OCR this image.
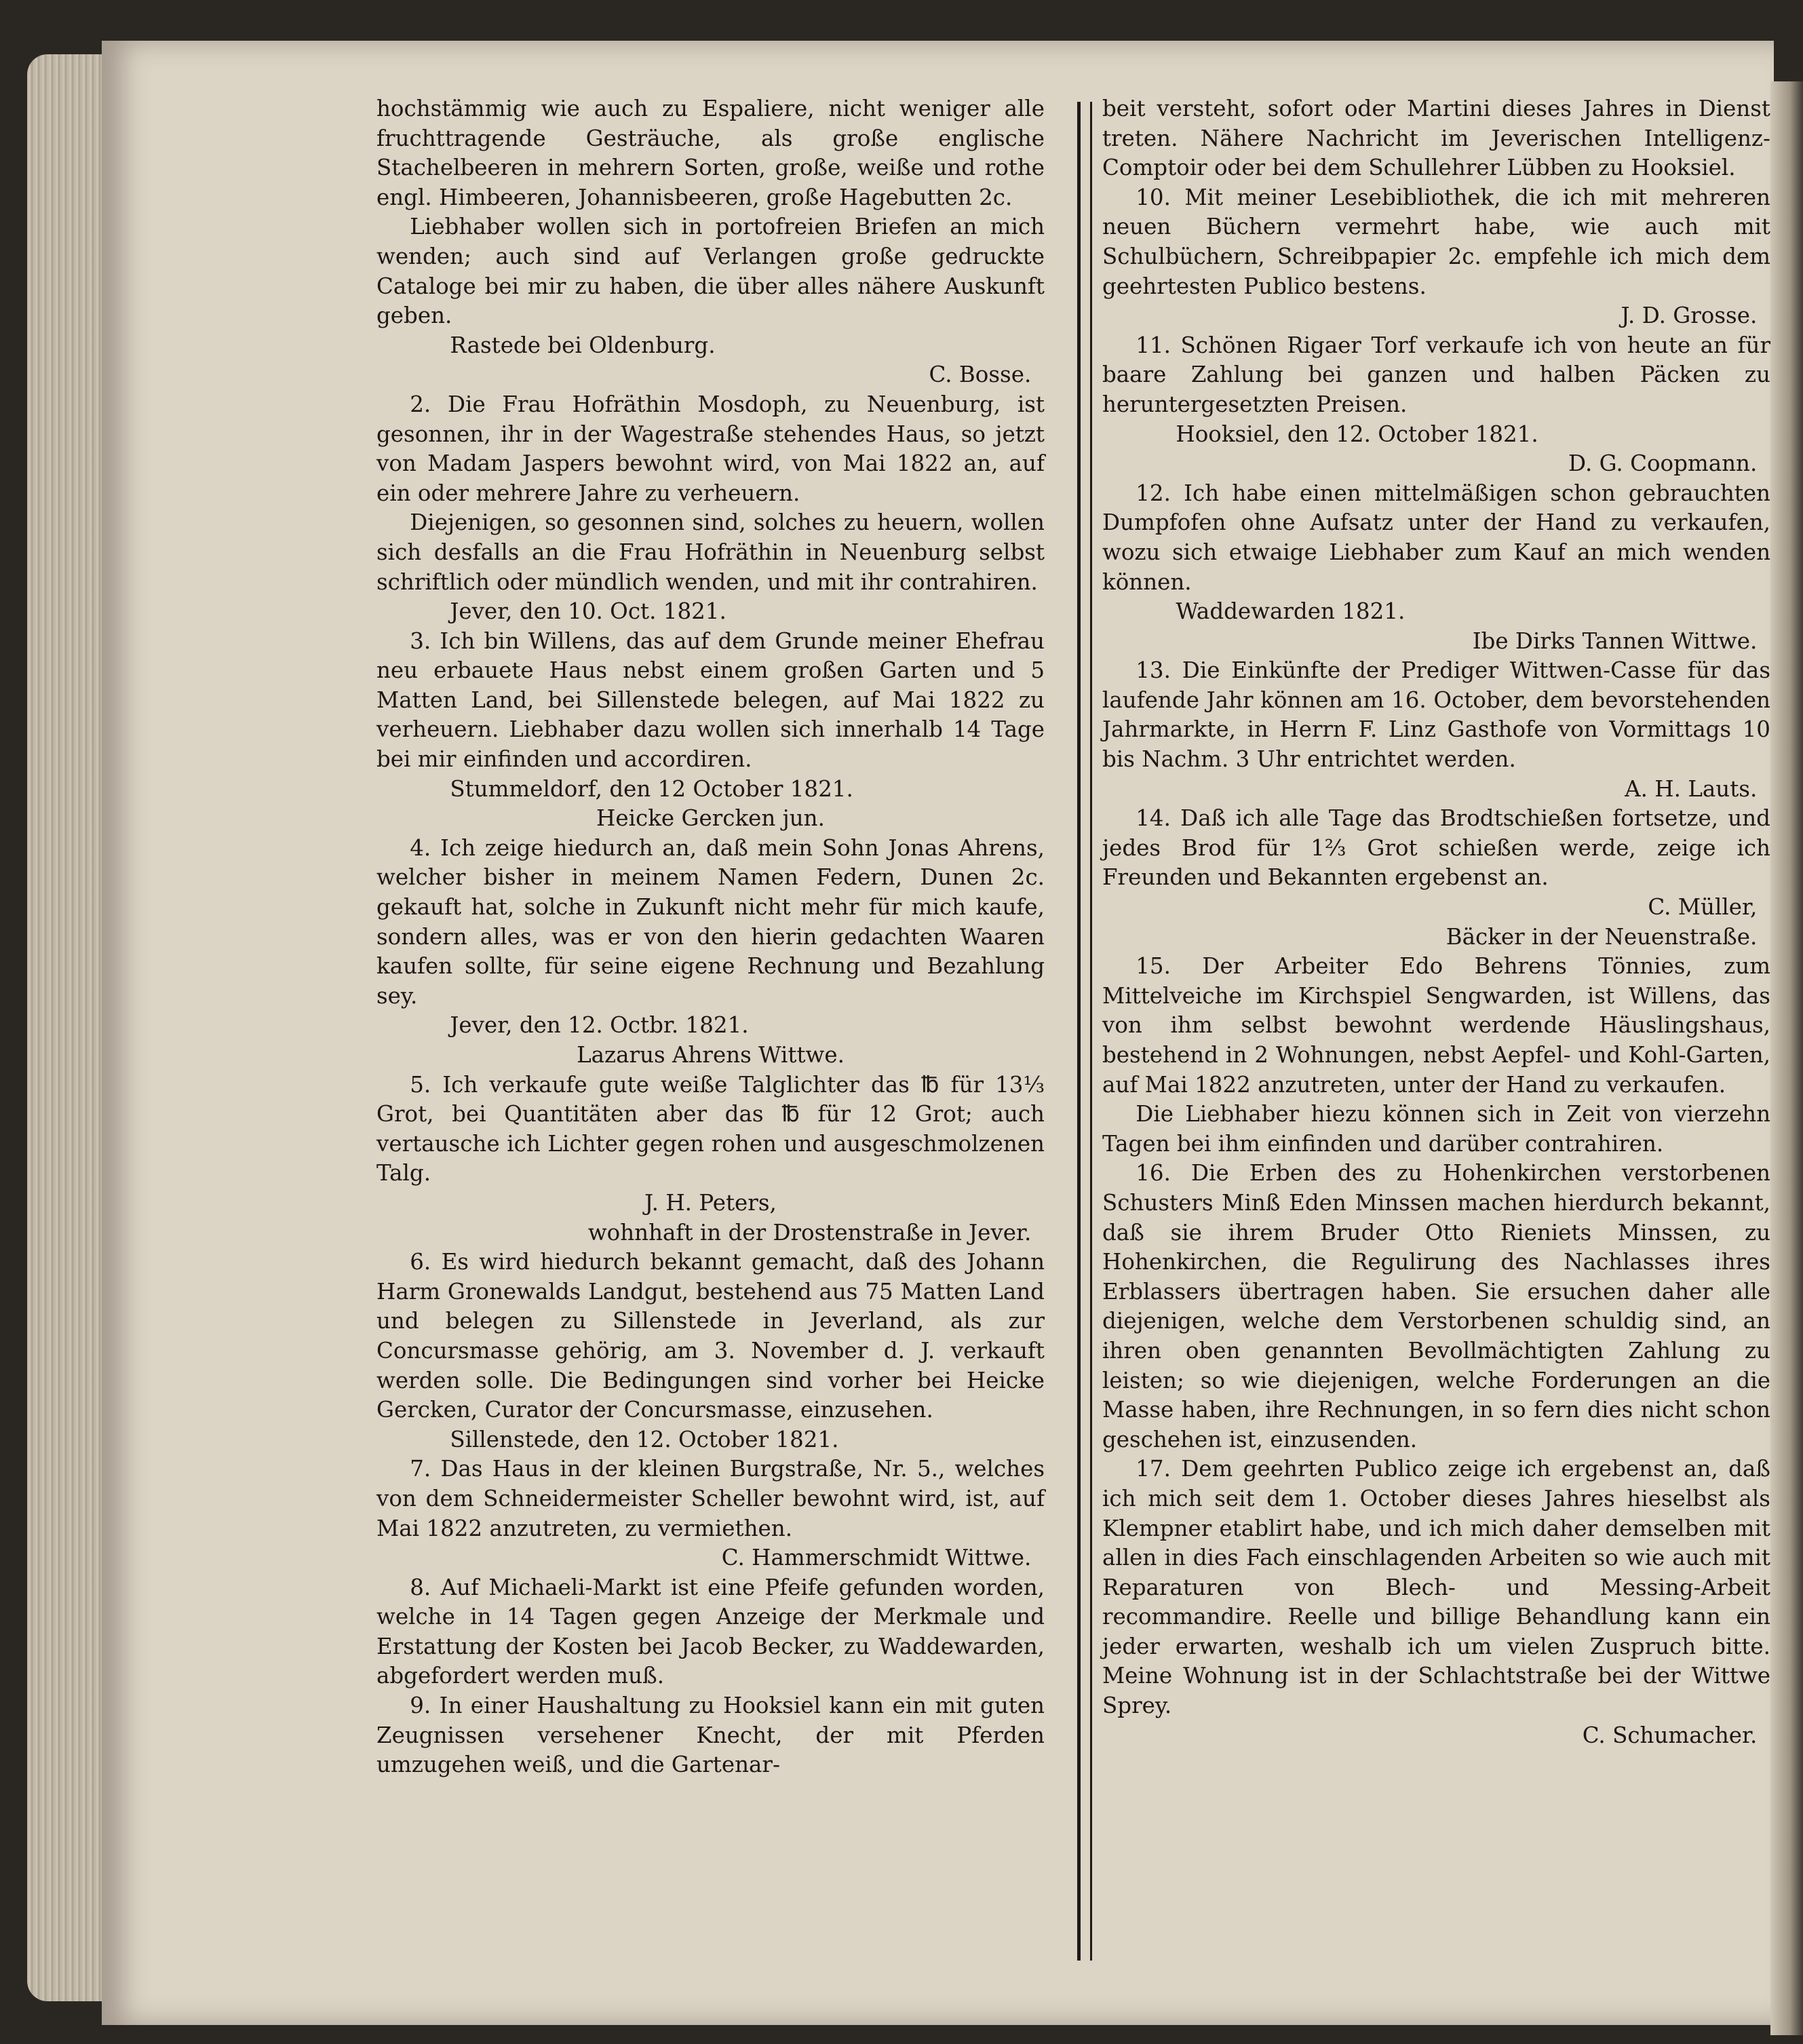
hochstämmig wie auch zu Espaliere, nicht weniger alle fruchttragende Gesträuche, als große englische Stachelbeeren in mehrern Sorten, große, weiße und rothe engl. Himbeeren, Johannisbeeren, große Hagebutten 2c.

Liebhaber wollen sich in portofreien Briefen an mich wenden; auch sind auf Verlangen große gedruckte Cataloge bei mir zu haben, die über alles nähere Auskunft geben.

Rastede bei Oldenburg.

C. Bosse.

2. Die Frau Hofräthin Mosdoph, zu Neuenburg, ist gesonnen, ihr in der Wagestraße stehendes Haus, so jetzt von Madam Jaspers bewohnt wird, von Mai 1822 an, auf ein oder mehrere Jahre zu verheuern.

Diejenigen, so gesonnen sind, solches zu heuern, wollen sich desfalls an die Frau Hofräthin in Neuenburg selbst schriftlich oder mündlich wenden, und mit ihr contrahiren.

Jever, den 10. Oct. 1821.

3. Ich bin Willens, das auf dem Grunde meiner Ehefrau neu erbauete Haus nebst einem großen Garten und 5 Matten Land, bei Sillenstede belegen, auf Mai 1822 zu verheuern. Liebhaber dazu wollen sich innerhalb 14 Tage bei mir einfinden und accordiren.

Stummeldorf, den 12 October 1821.

Heicke Gercken jun.

4. Ich zeige hiedurch an, daß mein Sohn Jonas Ahrens, welcher bisher in meinem Namen Federn, Dunen 2c. gekauft hat, solche in Zukunft nicht mehr für mich kaufe, sondern alles, was er von den hierin gedachten Waaren kaufen sollte, für seine eigene Rechnung und Bezahlung sey.

Jever, den 12. Octbr. 1821.

Lazarus Ahrens Wittwe.

5. Ich verkaufe gute weiße Talglichter das ℔ für 13⅓ Grot, bei Quantitäten aber das ℔ für 12 Grot; auch vertausche ich Lichter gegen rohen und ausgeschmolzenen Talg.

J. H. Peters,

wohnhaft in der Drostenstraße in Jever.

6. Es wird hiedurch bekannt gemacht, daß des Johann Harm Gronewalds Landgut, bestehend aus 75 Matten Land und belegen zu Sillenstede in Jeverland, als zur Concursmasse gehörig, am 3. November d. J. verkauft werden solle. Die Bedingungen sind vorher bei Heicke Gercken, Curator der Concursmasse, einzusehen.

Sillenstede, den 12. October 1821.

7. Das Haus in der kleinen Burgstraße, Nr. 5., welches von dem Schneidermeister Scheller bewohnt wird, ist, auf Mai 1822 anzutreten, zu vermiethen.

C. Hammerschmidt Wittwe.

8. Auf Michaeli-Markt ist eine Pfeife gefunden worden, welche in 14 Tagen gegen Anzeige der Merkmale und Erstattung der Kosten bei Jacob Becker, zu Waddewarden, abgefordert werden muß.

9. In einer Haushaltung zu Hooksiel kann ein mit guten Zeugnissen versehener Knecht, der mit Pferden umzugehen weiß, und die Gartenar-

beit versteht, sofort oder Martini dieses Jahres in Dienst treten. Nähere Nachricht im Jeverischen Intelligenz-Comptoir oder bei dem Schullehrer Lübben zu Hooksiel.

10. Mit meiner Lesebibliothek, die ich mit mehreren neuen Büchern vermehrt habe, wie auch mit Schulbüchern, Schreibpapier 2c. empfehle ich mich dem geehrtesten Publico bestens.

J. D. Grosse.

11. Schönen Rigaer Torf verkaufe ich von heute an für baare Zahlung bei ganzen und halben Päcken zu heruntergesetzten Preisen.

Hooksiel, den 12. October 1821.

D. G. Coopmann.

12. Ich habe einen mittelmäßigen schon gebrauchten Dumpfofen ohne Aufsatz unter der Hand zu verkaufen, wozu sich etwaige Liebhaber zum Kauf an mich wenden können.

Waddewarden 1821.

Ibe Dirks Tannen Wittwe.

13. Die Einkünfte der Prediger Wittwen-Casse für das laufende Jahr können am 16. October, dem bevorstehenden Jahrmarkte, in Herrn F. Linz Gasthofe von Vormittags 10 bis Nachm. 3 Uhr entrichtet werden.

A. H. Lauts.

14. Daß ich alle Tage das Brodtschießen fortsetze, und jedes Brod für 1⅔ Grot schießen werde, zeige ich Freunden und Bekannten ergebenst an.

C. Müller,

Bäcker in der Neuenstraße.

15. Der Arbeiter Edo Behrens Tönnies, zum Mittelveiche im Kirchspiel Sengwarden, ist Willens, das von ihm selbst bewohnt werdende Häuslingshaus, bestehend in 2 Wohnungen, nebst Aepfel- und Kohl-Garten, auf Mai 1822 anzutreten, unter der Hand zu verkaufen.

Die Liebhaber hiezu können sich in Zeit von vierzehn Tagen bei ihm einfinden und darüber contrahiren.

16. Die Erben des zu Hohenkirchen verstorbenen Schusters Minß Eden Minssen machen hierdurch bekannt, daß sie ihrem Bruder Otto Rieniets Minssen, zu Hohenkirchen, die Regulirung des Nachlasses ihres Erblassers übertragen haben. Sie ersuchen daher alle diejenigen, welche dem Verstorbenen schuldig sind, an ihren oben genannten Bevollmächtigten Zahlung zu leisten; so wie diejenigen, welche Forderungen an die Masse haben, ihre Rechnungen, in so fern dies nicht schon geschehen ist, einzusenden.

17. Dem geehrten Publico zeige ich ergebenst an, daß ich mich seit dem 1. October dieses Jahres hieselbst als Klempner etablirt habe, und ich mich daher demselben mit allen in dies Fach einschlagenden Arbeiten so wie auch mit Reparaturen von Blech- und Messing-Arbeit recommandire. Reelle und billige Behandlung kann ein jeder erwarten, weshalb ich um vielen Zuspruch bitte. Meine Wohnung ist in der Schlachtstraße bei der Wittwe Sprey.

C. Schumacher.
